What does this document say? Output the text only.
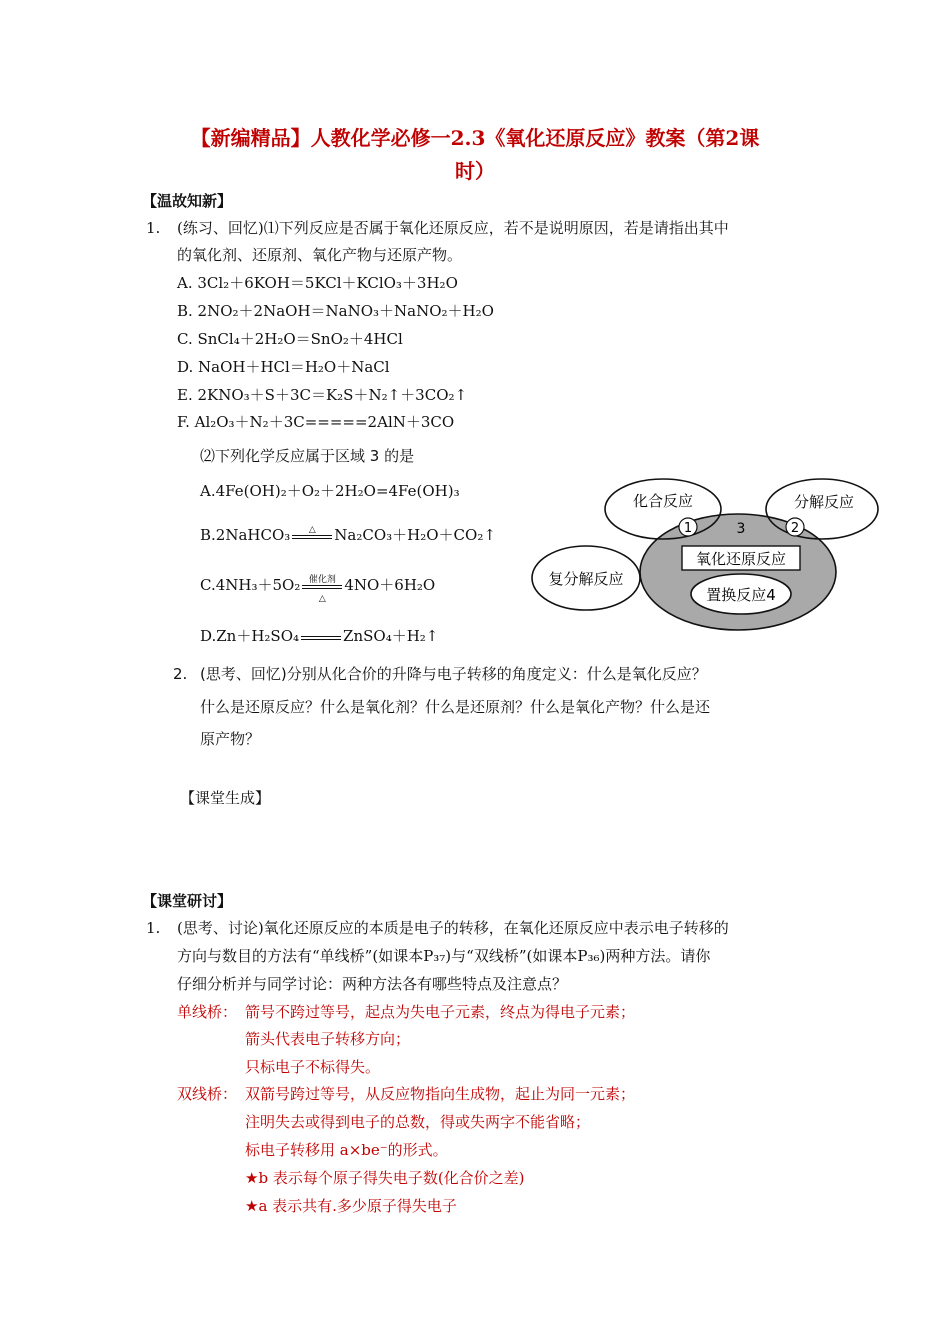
【新编精品】人教化学必修一2.3《氧化还原反应》教案（第2课
时）
【温故知新】
1. (练习、回忆)⑴下列反应是否属于氧化还原反应，若不是说明原因，若是请指出其中
的氧化剂、还原剂、氧化产物与还原产物。
A. 3Cl₂＋6KOH＝5KCl＋KClO₃＋3H₂O
B. 2NO₂＋2NaOH＝NaNO₃＋NaNO₂＋H₂O
C. SnCl₄＋2H₂O＝SnO₂＋4HCl
D. NaOH＋HCl＝H₂O＋NaCl
E. 2KNO₃＋S＋3C＝K₂S＋N₂↑＋3CO₂↑
F. Al₂O₃＋N₂＋3C=====2AlN＋3CO
⑵下列化学反应属于区域 3 的是
A.4Fe(OH)₂＋O₂＋2H₂O=4Fe(OH)₃
B.2NaHCO₃	△	Na₂CO₃＋H₂O＋CO₂↑
C.4NH₃＋5O₂ 催化剂
△
4NO＋6H₂O
D.Zn＋H₂SO₄	ZnSO₄＋H₂↑
化合反应	分解反应
氧化还原反应
复分解反应
置换反应4
1	2
3
2. (思考、回忆)分别从化合价的升降与电子转移的角度定义：什么是氧化反应？
什么是还原反应？什么是氧化剂？什么是还原剂？什么是氧化产物？什么是还
原产物？
【课堂生成】
【课堂研讨】
1. (思考、讨论)氧化还原反应的本质是电子的转移，在氧化还原反应中表示电子转移的
方向与数目的方法有“单线桥”(如课本P₃₇)与“双线桥”(如课本P₃₆)两种方法。请你
仔细分析并与同学讨论：两种方法各有哪些特点及注意点？
单线桥： 箭号不跨过等号，起点为失电子元素，终点为得电子元素；
箭头代表电子转移方向；
只标电子不标得失。
双线桥： 双箭号跨过等号，从反应物指向生成物，起止为同一元素；
注明失去或得到电子的总数，得或失两字不能省略；
标电子转移用 a×be⁻的形式。
★b 表示每个原子得失电子数(化合价之差)
★a 表示共有.多少原子得失电子
